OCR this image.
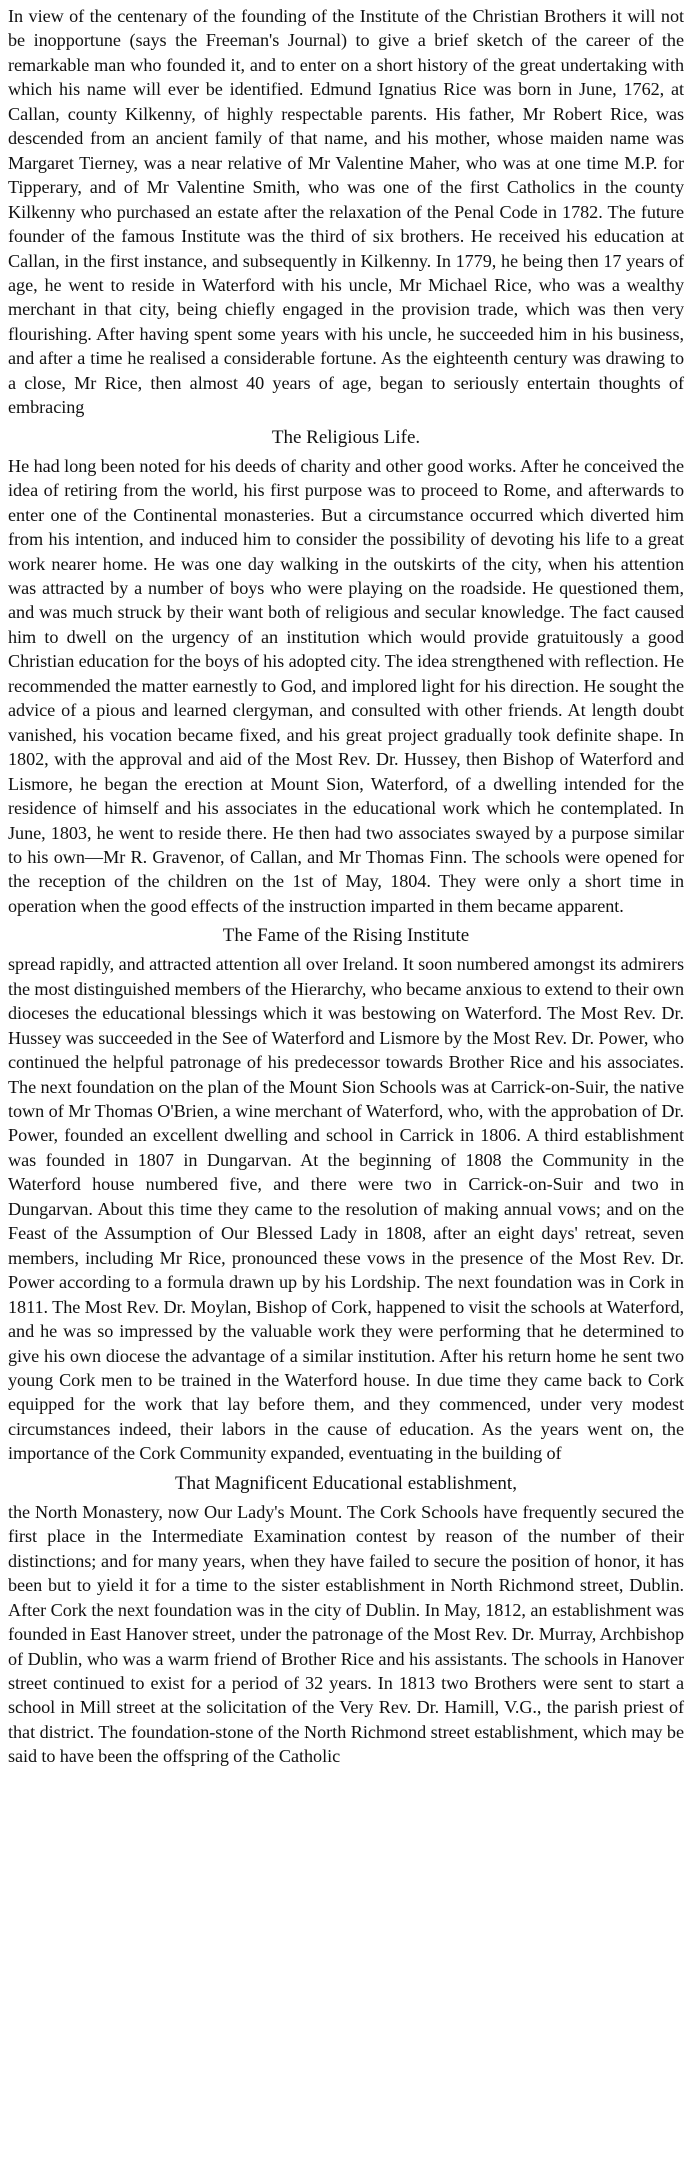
In view of the centenary of the founding of the Institute of the Christian Brothers it will not be inopportune (says the Freeman's Journal) to give a brief sketch of the career of the remarkable man who founded it, and to enter on a short history of the great undertaking with which his name will ever be identified. Edmund Ignatius Rice was born in June, 1762, at Callan, county Kilkenny, of highly respectable parents. His father, Mr Robert Rice, was descended from an ancient family of that name, and his mother, whose maiden name was Margaret Tierney, was a near relative of Mr Valentine Maher, who was at one time M.P. for Tipperary, and of Mr Valentine Smith, who was one of the first Catholics in the county Kilkenny who purchased an estate after the relaxation of the Penal Code in 1782. The future founder of the famous Institute was the third of six brothers. He received his education at Callan, in the first instance, and subsequently in Kilkenny. In 1779, he being then 17 years of age, he went to reside in Waterford with his uncle, Mr Michael Rice, who was a wealthy merchant in that city, being chiefly engaged in the provision trade, which was then very flourishing. After having spent some years with his uncle, he succeeded him in his business, and after a time he realised a considerable fortune. As the eighteenth century was drawing to a close, Mr Rice, then almost 40 years of age, began to seriously entertain thoughts of embracing

The Religious Life.

He had long been noted for his deeds of charity and other good works. After he conceived the idea of retiring from the world, his first purpose was to proceed to Rome, and afterwards to enter one of the Continental monasteries. But a circumstance occurred which diverted him from his intention, and induced him to consider the possibility of devoting his life to a great work nearer home. He was one day walking in the outskirts of the city, when his attention was attracted by a number of boys who were playing on the roadside. He questioned them, and was much struck by their want both of religious and secular knowledge. The fact caused him to dwell on the urgency of an institution which would provide gratuitously a good Christian education for the boys of his adopted city. The idea strengthened with reflection. He recommended the matter earnestly to God, and implored light for his direction. He sought the advice of a pious and learned clergyman, and consulted with other friends. At length doubt vanished, his vocation became fixed, and his great project gradually took definite shape. In 1802, with the approval and aid of the Most Rev. Dr. Hussey, then Bishop of Waterford and Lismore, he began the erection at Mount Sion, Waterford, of a dwelling intended for the residence of himself and his associates in the educational work which he contemplated. In June, 1803, he went to reside there. He then had two associates swayed by a purpose similar to his own—Mr R. Gravenor, of Callan, and Mr Thomas Finn. The schools were opened for the reception of the children on the 1st of May, 1804. They were only a short time in operation when the good effects of the instruction imparted in them became apparent.

The Fame of the Rising Institute

spread rapidly, and attracted attention all over Ireland. It soon numbered amongst its admirers the most distinguished members of the Hierarchy, who became anxious to extend to their own dioceses the educational blessings which it was bestowing on Waterford. The Most Rev. Dr. Hussey was succeeded in the See of Waterford and Lismore by the Most Rev. Dr. Power, who continued the helpful patronage of his predecessor towards Brother Rice and his associates. The next foundation on the plan of the Mount Sion Schools was at Carrick-on-Suir, the native town of Mr Thomas O'Brien, a wine merchant of Waterford, who, with the approbation of Dr. Power, founded an excellent dwelling and school in Carrick in 1806. A third establishment was founded in 1807 in Dungarvan. At the beginning of 1808 the Community in the Waterford house numbered five, and there were two in Carrick-on-Suir and two in Dungarvan. About this time they came to the resolution of making annual vows; and on the Feast of the Assumption of Our Blessed Lady in 1808, after an eight days' retreat, seven members, including Mr Rice, pronounced these vows in the presence of the Most Rev. Dr. Power according to a formula drawn up by his Lordship. The next foundation was in Cork in 1811. The Most Rev. Dr. Moylan, Bishop of Cork, happened to visit the schools at Waterford, and he was so impressed by the valuable work they were performing that he determined to give his own diocese the advantage of a similar institution. After his return home he sent two young Cork men to be trained in the Waterford house. In due time they came back to Cork equipped for the work that lay before them, and they commenced, under very modest circumstances indeed, their labors in the cause of education. As the years went on, the importance of the Cork Community expanded, eventuating in the building of

That Magnificent Educational establishment,

the North Monastery, now Our Lady's Mount. The Cork Schools have frequently secured the first place in the Intermediate Examination contest by reason of the number of their distinctions; and for many years, when they have failed to secure the position of honor, it has been but to yield it for a time to the sister establishment in North Richmond street, Dublin. After Cork the next foundation was in the city of Dublin. In May, 1812, an establishment was founded in East Hanover street, under the patronage of the Most Rev. Dr. Murray, Archbishop of Dublin, who was a warm friend of Brother Rice and his assistants. The schools in Hanover street continued to exist for a period of 32 years. In 1813 two Brothers were sent to start a school in Mill street at the solicitation of the Very Rev. Dr. Hamill, V.G., the parish priest of that district. The foundation-stone of the North Richmond street establishment, which may be said to have been the offspring of the Catholic
